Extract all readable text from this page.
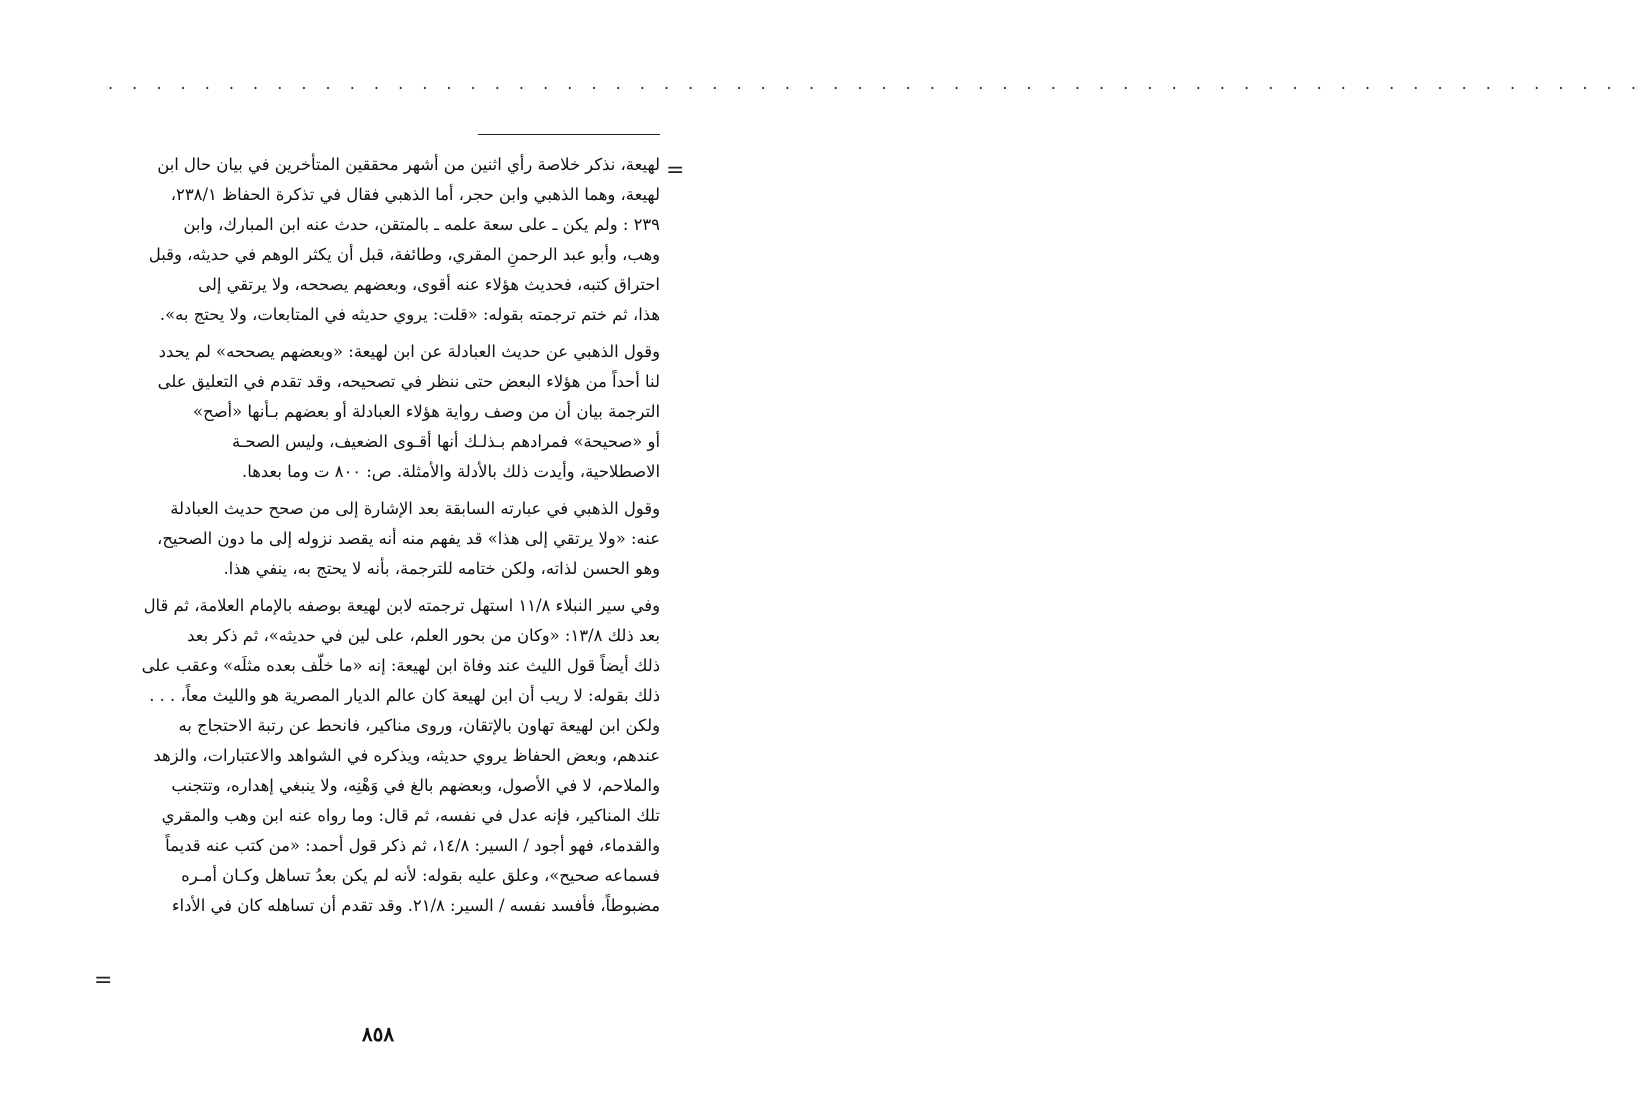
. . . . . . . . . . . . . . . . . . . . . . . . . . . . . . . . . . . . . . . . . . . . . . . . . . . . . . . . . . . . . . . .
=
لهيعة، نذكر خلاصة رأي اثنين من أشهر محققين المتأخرين في بيان حال ابن
لهيعة، وهما الذهبي وابن حجر، أما الذهبي فقال في تذكرة الحفاظ ٢٣٨/١،
٢٣٩ : ولم يكن ـ على سعة علمه ـ بالمتقن، حدث عنه ابن المبارك، وابن
وهب، وأبو عبد الرحمنِ المقري، وطائفة، قبل أن يكثر الوهم في حديثه، وقبل
احتراق كتبه، فحديث هؤلاء عنه أقوى، وبعضهم يصححه، ولا يرتقي إلى
هذا، ثم ختم ترجمته بقوله: «قلت: يروي حديثه في المتابعات، ولا يحتج به».
وقول الذهبي عن حديث العبادلة عن ابن لهيعة: «وبعضهم يصححه» لم يحدد
لنا أحداً من هؤلاء البعض حتى ننظر في تصحيحه، وقد تقدم في التعليق على
الترجمة بيان أن من وصف رواية هؤلاء العبادلة أو بعضهم بـأنها «أصح»
أو «صحيحة» فمرادهم بـذلـك أنها أقـوى الضعيف، وليس الصحـة
الاصطلاحية، وأيدت ذلك بالأدلة والأمثلة. ص: ٨٠٠ ت وما بعدها.
وقول الذهبي في عبارته السابقة بعد الإشارة إلى من صحح حديث العبادلة
عنه: «ولا يرتقي إلى هذا» قد يفهم منه أنه يقصد نزوله إلى ما دون الصحيح،
وهو الحسن لذاته، ولكن ختامه للترجمة، بأنه لا يحتج به، ينفي هذا.
وفي سير النبلاء ١١/٨ استهل ترجمته لابن لهيعة بوصفه بالإمام العلامة، ثم قال
بعد ذلك ١٣/٨: «وكان من بحور العلم، على لين في حديثه»، ثم ذكر بعد
ذلك أيضاً قول الليث عند وفاة ابن لهيعة: إنه «ما خلّف بعده مثلَه» وعقب على
ذلك بقوله: لا ريب أن ابن لهيعة كان عالم الديار المصرية هو والليث معاً، . . .
ولكن ابن لهيعة تهاون بالإتقان، وروى مناكير، فانحط عن رتبة الاحتجاج به
عندهم، وبعض الحفاظ يروي حديثه، ويذكره في الشواهد والاعتبارات، والزهد
والملاحم، لا في الأصول، وبعضهم بالغ في وَهْنِه، ولا ينبغي إهداره، وتتجنب
تلك المناكير، فإنه عدل في نفسه، ثم قال: وما رواه عنه ابن وهب والمقري
والقدماء، فهو أجود / السير: ١٤/٨، ثم ذكر قول أحمد: «من كتب عنه قديماً
فسماعه صحيح»، وعلق عليه بقوله: لأنه لم يكن بعدُ تساهل وكـان أمـره
مضبوطاً، فأفسد نفسه / السير: ٢١/٨. وقد تقدم أن تساهله كان في الأداء
=
٨٥٨
